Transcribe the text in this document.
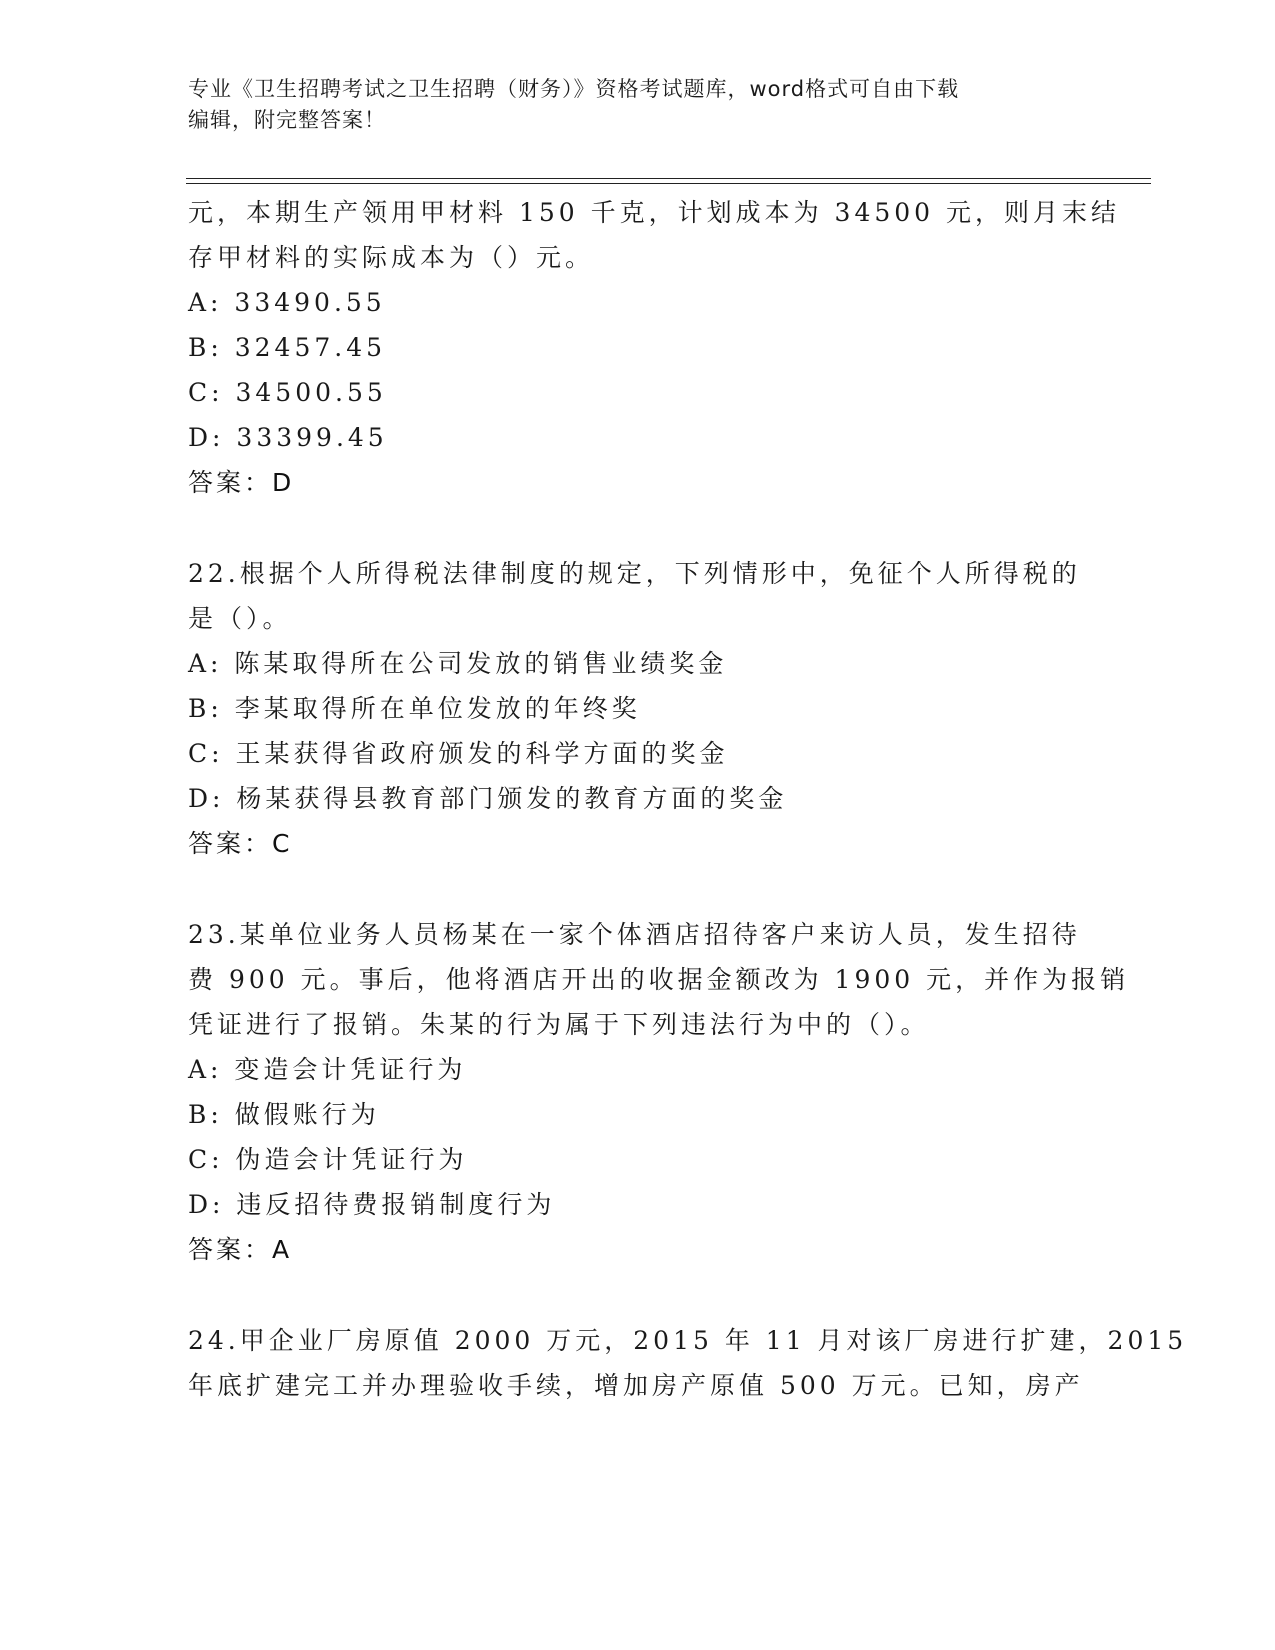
专业《卫生招聘考试之卫生招聘（财务）》资格考试题库，word格式可自由下载
编辑，附完整答案！
元，本期生产领用甲材料 150 千克，计划成本为 34500 元，则月末结
存甲材料的实际成本为（）元。
A: 33490.55
B: 32457.45
C: 34500.55
D: 33399.45
答案：D
22.根据个人所得税法律制度的规定，下列情形中，免征个人所得税的
是（）。
A: 陈某取得所在公司发放的销售业绩奖金
B: 李某取得所在单位发放的年终奖
C: 王某获得省政府颁发的科学方面的奖金
D: 杨某获得县教育部门颁发的教育方面的奖金
答案：C
23.某单位业务人员杨某在一家个体酒店招待客户来访人员，发生招待
费 900 元。事后，他将酒店开出的收据金额改为 1900 元，并作为报销
凭证进行了报销。朱某的行为属于下列违法行为中的（）。
A: 变造会计凭证行为
B: 做假账行为
C: 伪造会计凭证行为
D: 违反招待费报销制度行为
答案：A
24.甲企业厂房原值 2000 万元，2015 年 11 月对该厂房进行扩建，2015
年底扩建完工并办理验收手续，增加房产原值 500 万元。已知，房产
